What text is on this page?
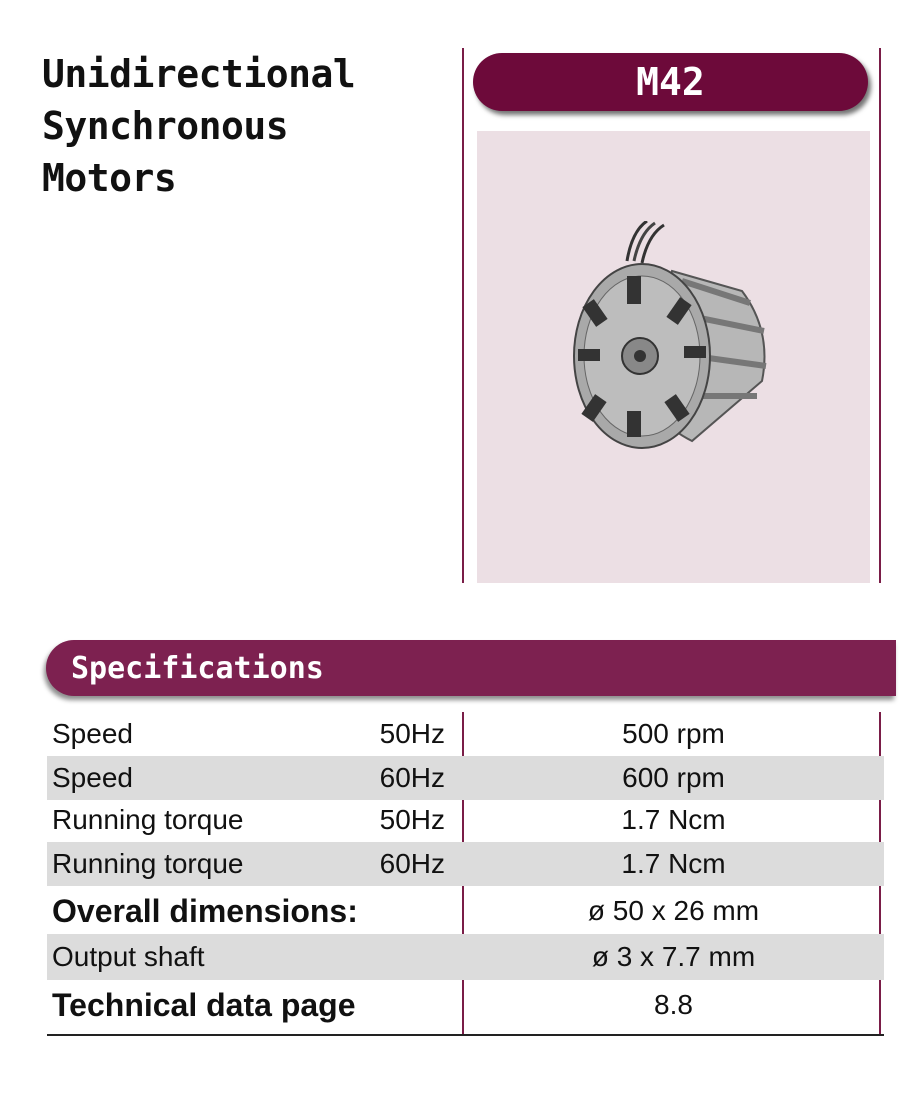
Unidirectional
Synchronous
Motors
M42
Specifications
Speed	50Hz	500 rpm
Speed	60Hz	600 rpm
Running torque	50Hz	1.7 Ncm
Running torque	60Hz	1.7 Ncm
Overall dimensions:	ø 50 x 26 mm
Output shaft	ø 3 x 7.7 mm
Technical data page	8.8
